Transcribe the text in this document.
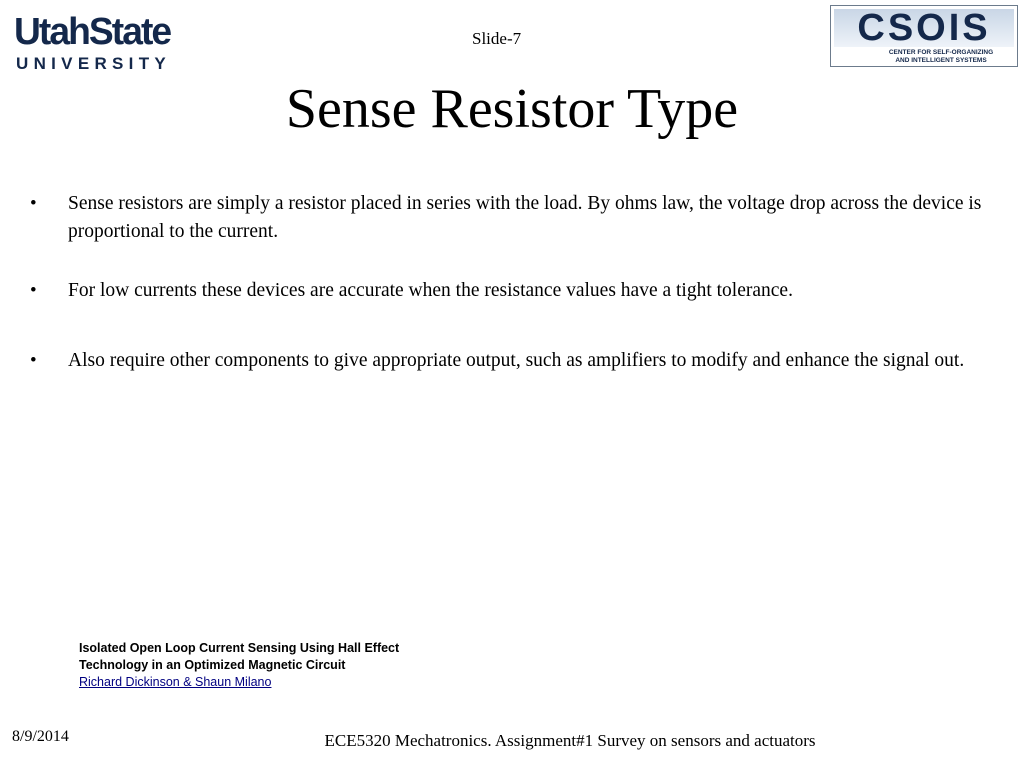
UtahState
UNIVERSITY
Slide-7	CSOIS
CENTER FOR SELF-ORGANIZING
AND INTELLIGENT SYSTEMS
Sense Resistor Type
• Sense resistors are simply a resistor placed in series with the load. By ohms law, the voltage drop across the device is proportional to the current.
• For low currents these devices are accurate when the resistance values have a tight tolerance.
• Also require other components to give appropriate output, such as amplifiers to modify and enhance the signal out.
Isolated Open Loop Current Sensing Using Hall Effect
Technology in an Optimized Magnetic Circuit
Richard Dickinson & Shaun Milano
8/9/2014	ECE5320 Mechatronics. Assignment#1 Survey on sensors and actuators
